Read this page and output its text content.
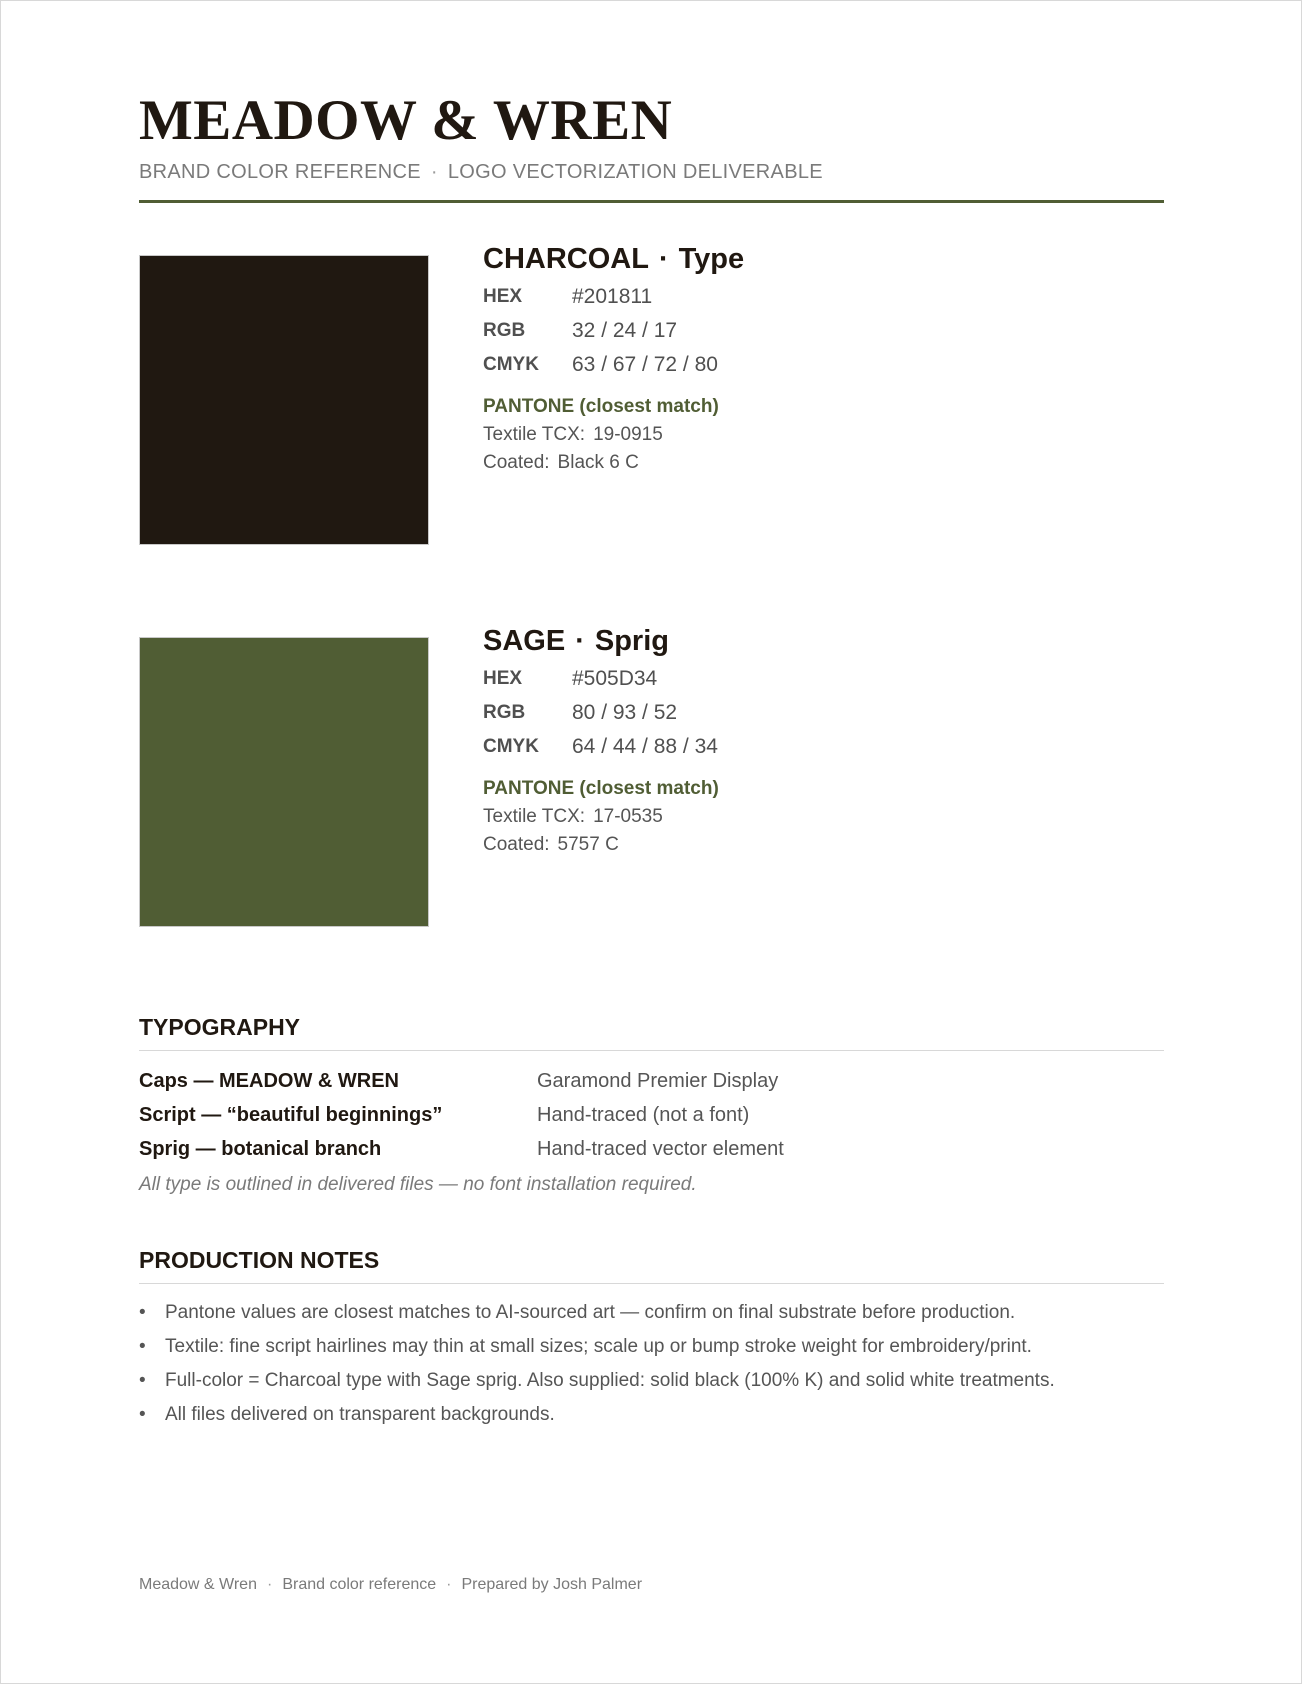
MEADOW & WREN
BRAND COLOR REFERENCE · LOGO VECTORIZATION DELIVERABLE
CHARCOAL · Type
HEX	#201811
RGB	32 / 24 / 17
CMYK	63 / 67 / 72 / 80
PANTONE (closest match)
Textile TCX: 19-0915
Coated: Black 6 C
SAGE · Sprig
HEX	#505D34
RGB	80 / 93 / 52
CMYK	64 / 44 / 88 / 34
PANTONE (closest match)
Textile TCX: 17-0535
Coated: 5757 C
TYPOGRAPHY
Caps — MEADOW & WREN	Garamond Premier Display
Script — “beautiful beginnings”	Hand-traced (not a font)
Sprig — botanical branch	Hand-traced vector element
All type is outlined in delivered files — no font installation required.
PRODUCTION NOTES
•	Pantone values are closest matches to AI-sourced art — confirm on final substrate before production.
•	Textile: fine script hairlines may thin at small sizes; scale up or bump stroke weight for embroidery/print.
•	Full-color = Charcoal type with Sage sprig. Also supplied: solid black (100% K) and solid white treatments.
•	All files delivered on transparent backgrounds.
Meadow & Wren · Brand color reference · Prepared by Josh Palmer
